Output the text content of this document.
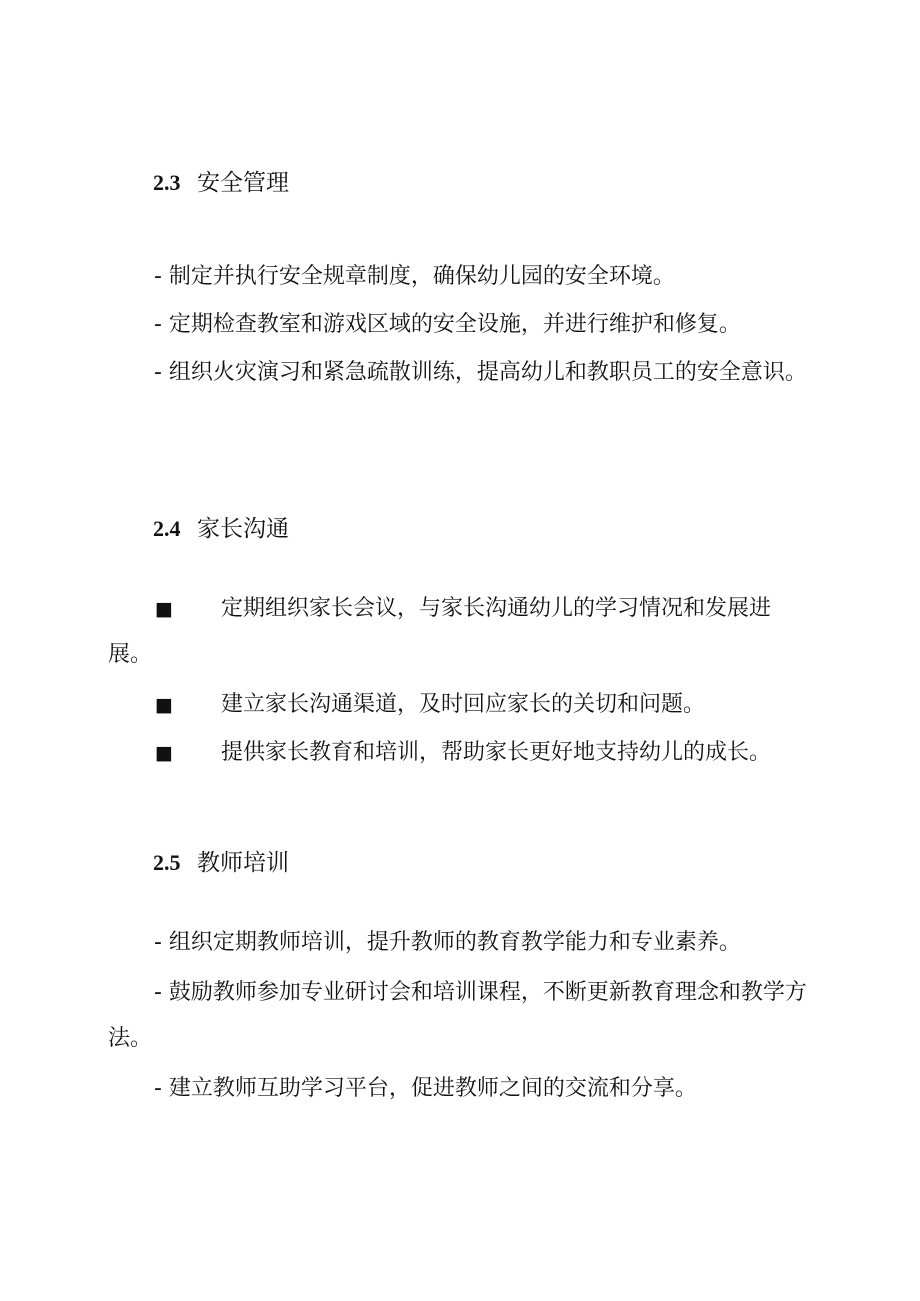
2.3 安全管理

- 制定并执行安全规章制度，确保幼儿园的安全环境。

- 定期检查教室和游戏区域的安全设施，并进行维护和修复。

- 组织火灾演习和紧急疏散训练，提高幼儿和教职员工的安全意识。

2.4 家长沟通

■ 定期组织家长会议，与家长沟通幼儿的学习情况和发展进展。

■ 建立家长沟通渠道，及时回应家长的关切和问题。

■ 提供家长教育和培训，帮助家长更好地支持幼儿的成长。

2.5 教师培训

- 组织定期教师培训，提升教师的教育教学能力和专业素养。

- 鼓励教师参加专业研讨会和培训课程，不断更新教育理念和教学方法。

- 建立教师互助学习平台，促进教师之间的交流和分享。
